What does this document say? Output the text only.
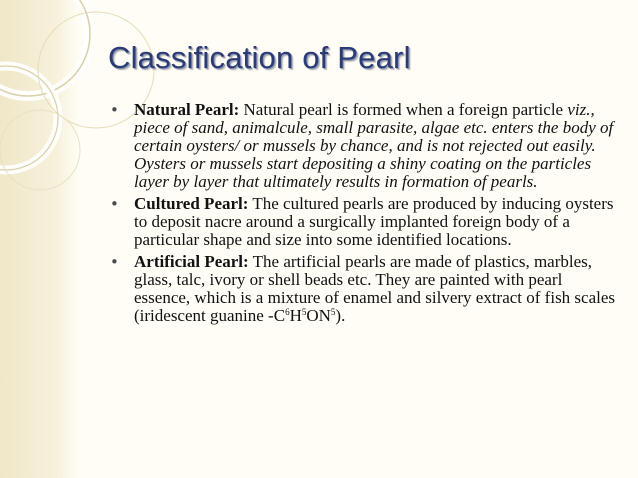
Classification of Pearl
• Natural Pearl: Natural pearl is formed when a foreign particle viz., piece of sand, animalcule, small parasite, algae etc. enters the body of certain oysters/ or mussels by chance, and is not rejected out easily. Oysters or mussels start depositing a shiny coating on the particles layer by layer that ultimately results in formation of pearls.
• Cultured Pearl: The cultured pearls are produced by inducing oysters to deposit nacre around a surgically implanted foreign body of a particular shape and size into some identified locations.
• Artificial Pearl: The artificial pearls are made of plastics, marbles, glass, talc, ivory or shell beads etc. They are painted with pearl essence, which is a mixture of enamel and silvery extract of fish scales (iridescent guanine $-C^6H^5ON^5$).
